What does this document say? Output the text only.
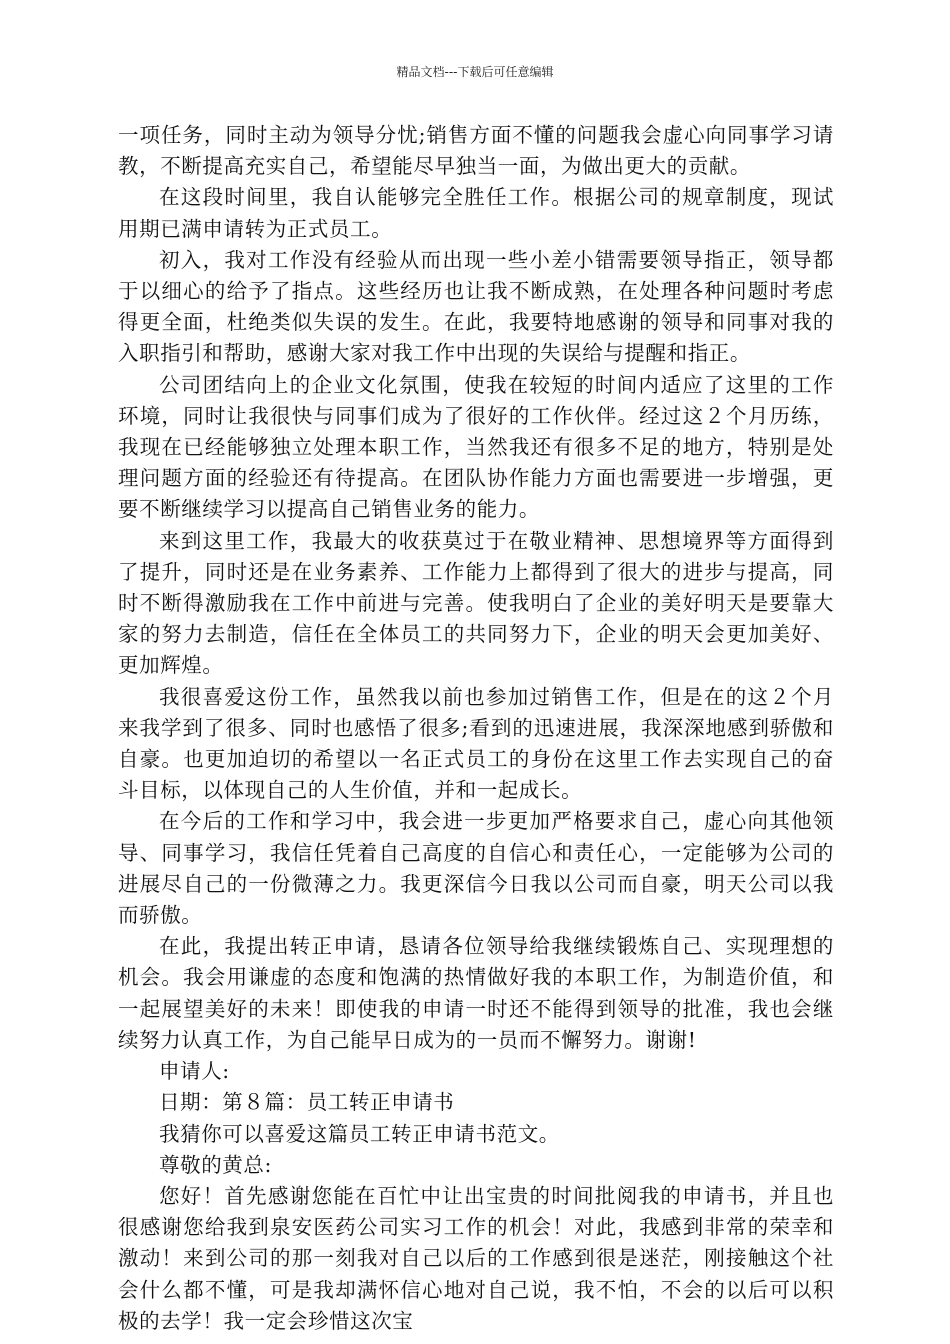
精品文档---下载后可任意编辑

一项任务，同时主动为领导分忧;销售方面不懂的问题我会虚心向同事学习请教，不断提高充实自己，希望能尽早独当一面，为做出更大的贡献。

在这段时间里，我自认能够完全胜任工作。根据公司的规章制度，现试用期已满申请转为正式员工。

初入，我对工作没有经验从而出现一些小差小错需要领导指正，领导都于以细心的给予了指点。这些经历也让我不断成熟，在处理各种问题时考虑得更全面，杜绝类似失误的发生。在此，我要特地感谢的领导和同事对我的入职指引和帮助，感谢大家对我工作中出现的失误给与提醒和指正。

公司团结向上的企业文化氛围，使我在较短的时间内适应了这里的工作环境，同时让我很快与同事们成为了很好的工作伙伴。经过这２个月历练，我现在已经能够独立处理本职工作，当然我还有很多不足的地方，特别是处理问题方面的经验还有待提高。在团队协作能力方面也需要进一步增强，更要不断继续学习以提高自己销售业务的能力。

来到这里工作，我最大的收获莫过于在敬业精神、思想境界等方面得到了提升，同时还是在业务素养、工作能力上都得到了很大的进步与提高，同时不断得激励我在工作中前进与完善。使我明白了企业的美好明天是要靠大家的努力去制造，信任在全体员工的共同努力下，企业的明天会更加美好、更加辉煌。

我很喜爱这份工作，虽然我以前也参加过销售工作，但是在的这２个月来我学到了很多、同时也感悟了很多;看到的迅速进展，我深深地感到骄傲和自豪。也更加迫切的希望以一名正式员工的身份在这里工作去实现自己的奋斗目标，以体现自己的人生价值，并和一起成长。

在今后的工作和学习中，我会进一步更加严格要求自己，虚心向其他领导、同事学习，我信任凭着自己高度的自信心和责任心，一定能够为公司的进展尽自己的一份微薄之力。我更深信今日我以公司而自豪，明天公司以我而骄傲。

在此，我提出转正申请，恳请各位领导给我继续锻炼自己、实现理想的机会。我会用谦虚的态度和饱满的热情做好我的本职工作，为制造价值，和一起展望美好的未来！即使我的申请一时还不能得到领导的批准，我也会继续努力认真工作，为自己能早日成为的一员而不懈努力。谢谢!

申请人:

日期：第８篇：员工转正申请书

我猜你可以喜爱这篇员工转正申请书范文。

尊敬的黄总:

您好！首先感谢您能在百忙中让出宝贵的时间批阅我的申请书，并且也很感谢您给我到泉安医药公司实习工作的机会！对此，我感到非常的荣幸和激动！来到公司的那一刻我对自己以后的工作感到很是迷茫，刚接触这个社会什么都不懂，可是我却满怀信心地对自己说，我不怕，不会的以后可以积极的去学！我一定会珍惜这次宝
